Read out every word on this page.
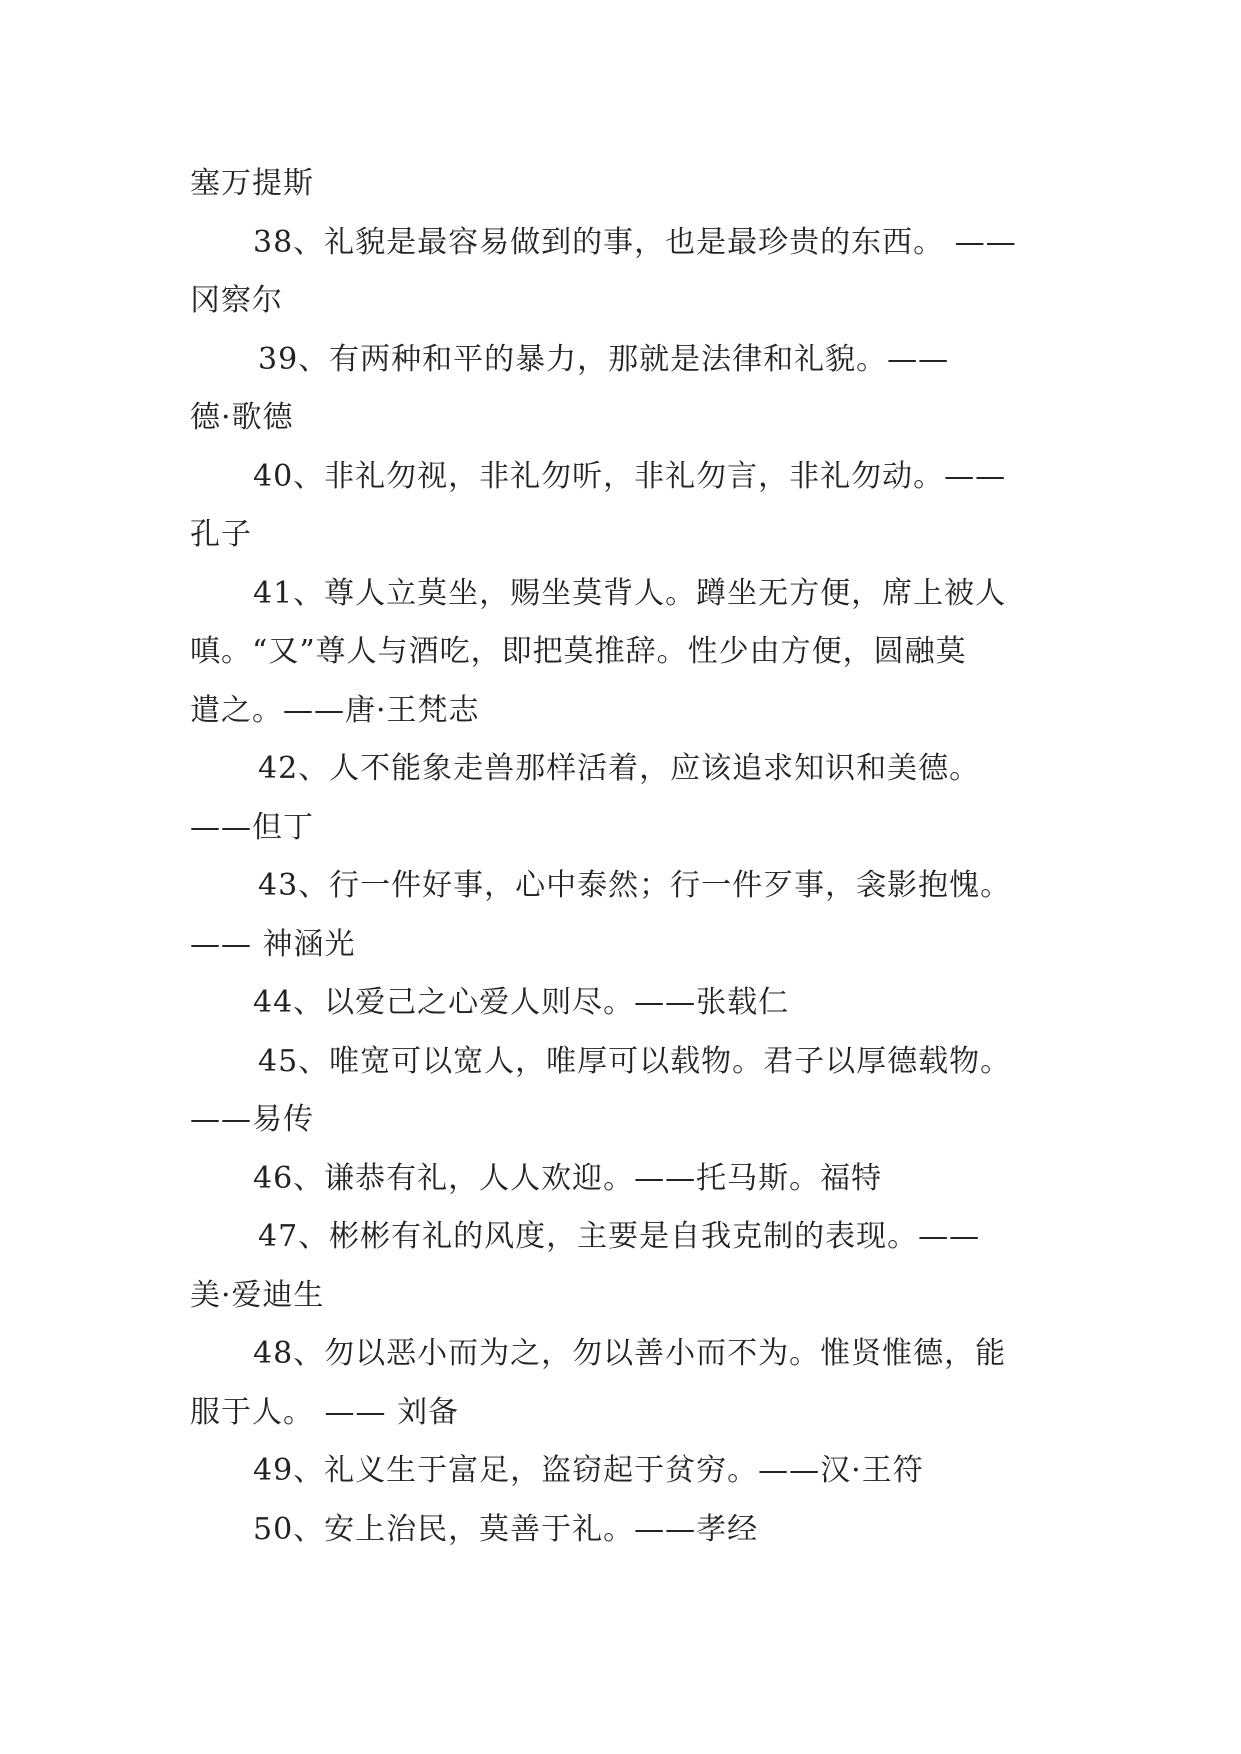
塞万提斯
38、礼貌是最容易做到的事，也是最珍贵的东西。 ——
冈察尔
39、有两种和平的暴力，那就是法律和礼貌。——
德·歌德
40、非礼勿视，非礼勿听，非礼勿言，非礼勿动。——
孔子
41、尊人立莫坐，赐坐莫背人。蹲坐无方便，席上被人
嗔。“又”尊人与酒吃，即把莫推辞。性少由方便，圆融莫
遣之。——唐·王梵志
42、人不能象走兽那样活着，应该追求知识和美德。
——但丁
43、行一件好事，心中泰然；行一件歹事，衾影抱愧。
—— 神涵光
44、以爱己之心爱人则尽。——张载仁
45、唯宽可以宽人，唯厚可以载物。君子以厚德载物。
——易传
46、谦恭有礼，人人欢迎。——托马斯。福特
47、彬彬有礼的风度，主要是自我克制的表现。——
美·爱迪生
48、勿以恶小而为之，勿以善小而不为。惟贤惟德，能
服于人。 —— 刘备
49、礼义生于富足，盗窃起于贫穷。——汉·王符
50、安上治民，莫善于礼。——孝经
